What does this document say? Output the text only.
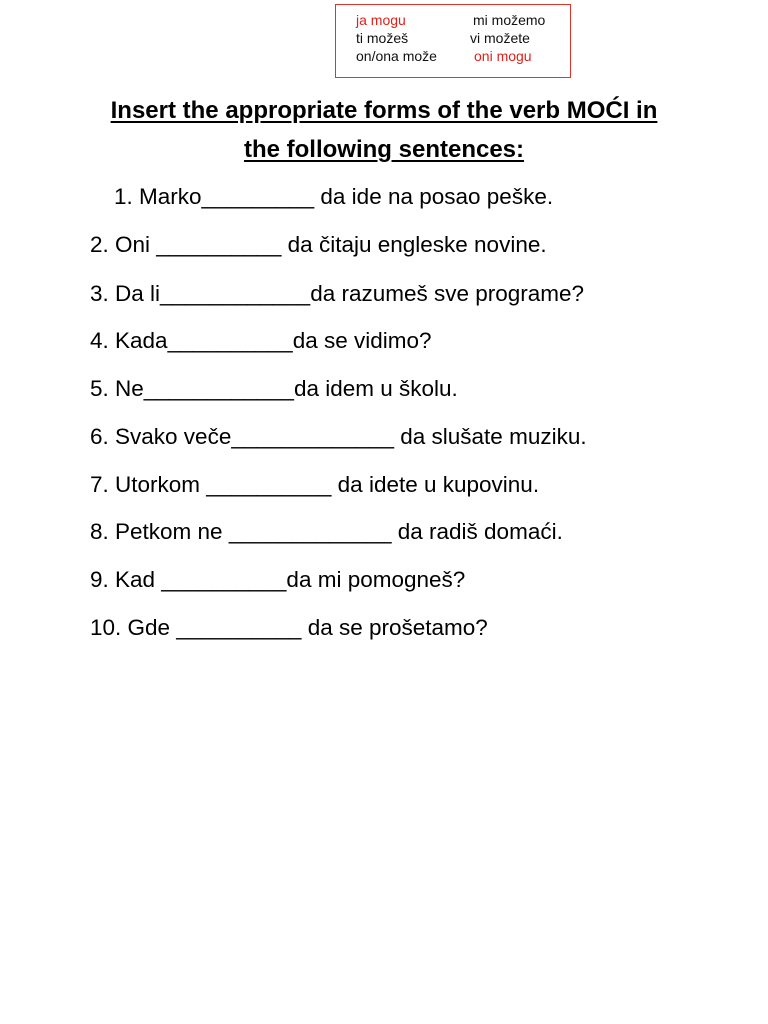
ja mogu	mi možemo
ti možeš	vi možete
on/ona može	oni mogu
Insert the appropriate forms of the verb MOĆI in
the following sentences:
1. Marko_________ da ide na posao peške.
2. Oni __________ da čitaju engleske novine.
3. Da li____________da razumeš sve programe?
4. Kada__________da se vidimo?
5. Ne____________da idem u školu.
6. Svako veče_____________ da slušate muziku.
7. Utorkom __________ da idete u kupovinu.
8. Petkom ne _____________ da radiš domaći.
9. Kad __________da mi pomogneš?
10. Gde __________ da se prošetamo?
